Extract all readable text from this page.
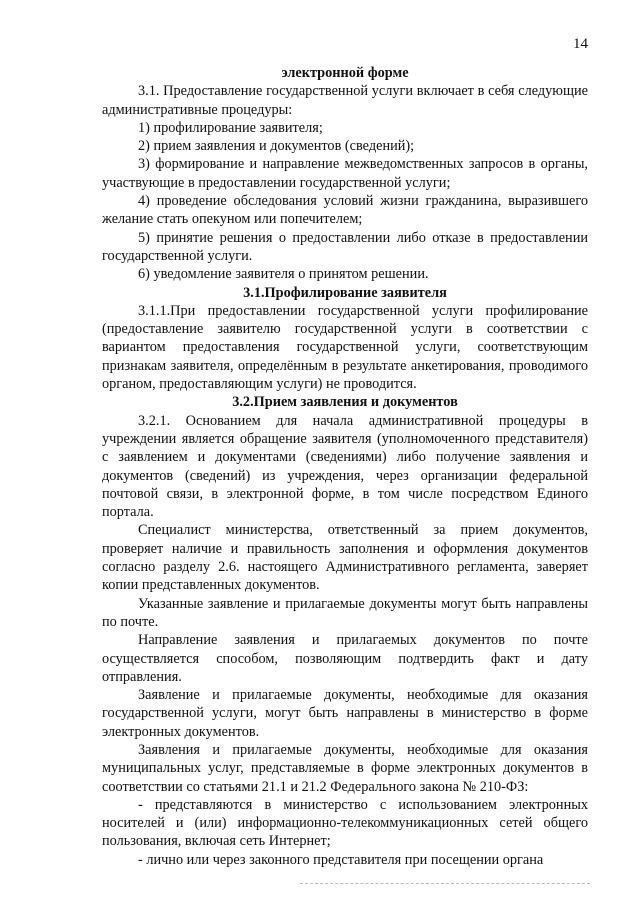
14

электронной форме

3.1. Предоставление государственной услуги включает в себя следующие административные процедуры:

1) профилирование заявителя;

2) прием заявления и документов (сведений);

3) формирование и направление межведомственных запросов в органы, участвующие в предоставлении государственной услуги;

4) проведение обследования условий жизни гражданина, выразившего желание стать опекуном или попечителем;

5) принятие решения о предоставлении либо отказе в предоставлении государственной услуги.

6) уведомление заявителя о принятом решении.

3.1.Профилирование заявителя

3.1.1.При предоставлении государственной услуги профилирование (предоставление заявителю государственной услуги в соответствии с вариантом предоставления государственной услуги, соответствующим признакам заявителя, определённым в результате анкетирования, проводимого органом, предоставляющим услуги) не проводится.

3.2.Прием заявления и документов

3.2.1. Основанием для начала административной процедуры в учреждении является обращение заявителя (уполномоченного представителя) с заявлением и документами (сведениями) либо получение заявления и документов (сведений) из учреждения, через организации федеральной почтовой связи, в электронной форме, в том числе посредством Единого портала.

Специалист министерства, ответственный за прием документов, проверяет наличие и правильность заполнения и оформления документов согласно разделу 2.6. настоящего Административного регламента, заверяет копии представленных документов.

Указанные заявление и прилагаемые документы могут быть направлены по почте.

Направление заявления и прилагаемых документов по почте осуществляется способом, позволяющим подтвердить факт и дату отправления.

Заявление и прилагаемые документы, необходимые для оказания государственной услуги, могут быть направлены в министерство в форме электронных документов.

Заявления и прилагаемые документы, необходимые для оказания муниципальных услуг, представляемые в форме электронных документов в соответствии со статьями 21.1 и 21.2 Федерального закона № 210-ФЗ:

- представляются в министерство с использованием электронных носителей и (или) информационно-телекоммуникационных сетей общего пользования, включая сеть Интернет;

- лично или через законного представителя при посещении органа
